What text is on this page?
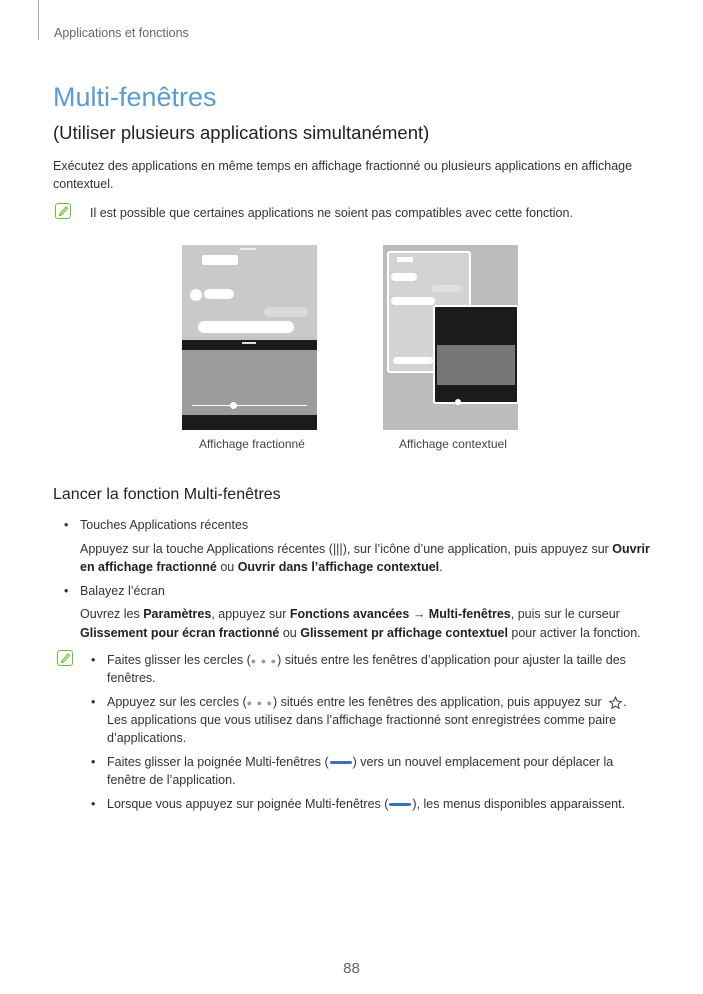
Applications et fonctions
Multi-fenêtres
(Utiliser plusieurs applications simultanément)
Exécutez des applications en même temps en affichage fractionné ou plusieurs applications en affichage
contextuel.
Il est possible que certaines applications ne soient pas compatibles avec cette fonction.
Affichage fractionné	Affichage contextuel
Lancer la fonction Multi-fenêtres
• Touches Applications récentes
Appuyez sur la touche Applications récentes (|||), sur l’icône d’une application, puis appuyez sur Ouvrir
en affichage fractionné ou Ouvrir dans l’affichage contextuel.
• Balayez l’écran
Ouvrez les Paramètres, appuyez sur Fonctions avancées → Multi-fenêtres, puis sur le curseur
Glissement pour écran fractionné ou Glissement pr affichage contextuel pour activer la fonction.
• Faites glisser les cercles (● ● ●) situés entre les fenêtres d’application pour ajuster la taille des
fenêtres.
• Appuyez sur les cercles (● ● ●) situés entre les fenêtres des application, puis appuyez sur .
Les applications que vous utilisez dans l’affichage fractionné sont enregistrées comme paire
d’applications.
• Faites glisser la poignée Multi-fenêtres ( ) vers un nouvel emplacement pour déplacer la
fenêtre de l’application.
• Lorsque vous appuyez sur poignée Multi-fenêtres ( ), les menus disponibles apparaissent.
88
